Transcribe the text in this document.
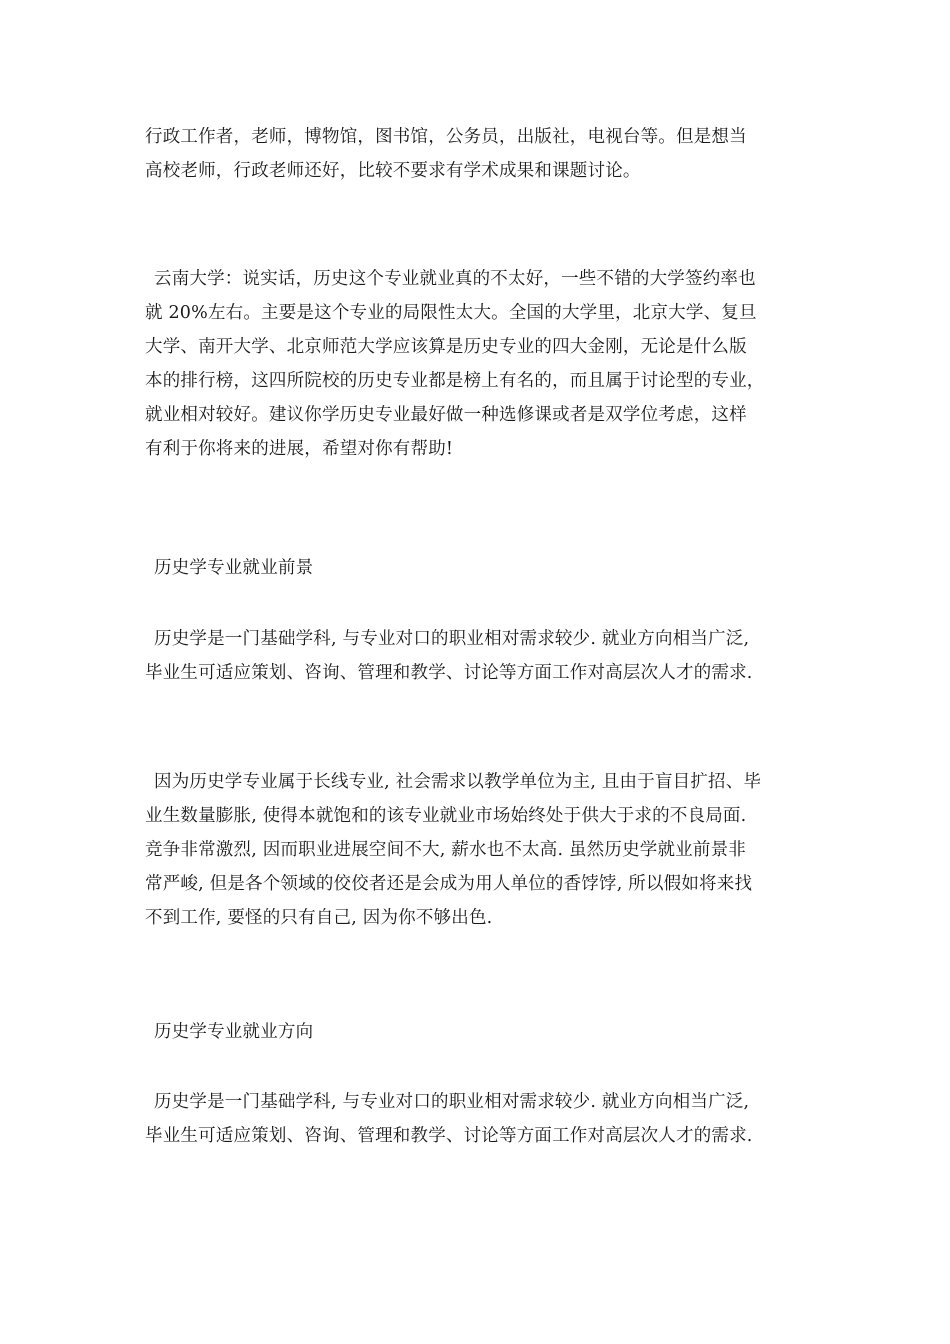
行政工作者，老师，博物馆，图书馆，公务员，出版社，电视台等。但是想当
高校老师，行政老师还好，比较不要求有学术成果和课题讨论。
云南大学：说实话，历史这个专业就业真的不太好，一些不错的大学签约率也
就 20%左右。主要是这个专业的局限性太大。全国的大学里，北京大学、复旦
大学、南开大学、北京师范大学应该算是历史专业的四大金刚，无论是什么版
本的排行榜，这四所院校的历史专业都是榜上有名的，而且属于讨论型的专业，
就业相对较好。建议你学历史专业最好做一种选修课或者是双学位考虑，这样
有利于你将来的进展，希望对你有帮助!
历史学专业就业前景
历史学是一门基础学科, 与专业对口的职业相对需求较少. 就业方向相当广泛,
毕业生可适应策划、咨询、管理和教学、讨论等方面工作对高层次人才的需求.
因为历史学专业属于长线专业, 社会需求以教学单位为主, 且由于盲目扩招、毕
业生数量膨胀, 使得本就饱和的该专业就业市场始终处于供大于求的不良局面.
竞争非常激烈, 因而职业进展空间不大, 薪水也不太高. 虽然历史学就业前景非
常严峻, 但是各个领域的佼佼者还是会成为用人单位的香饽饽, 所以假如将来找
不到工作, 要怪的只有自己, 因为你不够出色.
历史学专业就业方向
历史学是一门基础学科, 与专业对口的职业相对需求较少. 就业方向相当广泛,
毕业生可适应策划、咨询、管理和教学、讨论等方面工作对高层次人才的需求.
